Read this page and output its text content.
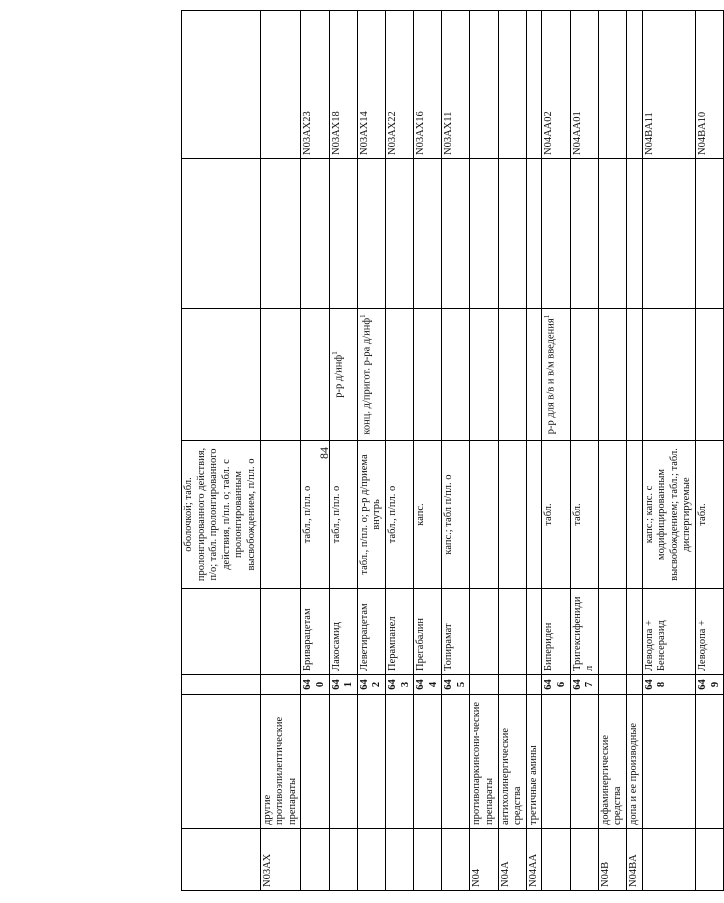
84
				оболочкой; табл. пролонгированного действия, п/о; табл. пролонгированного действия, п/пл. о; табл. с пролонгированным высвобождением, п/пл. о			
N03AX	другие противоэпилептические препараты						
		640	Бриварацетам	табл., п/пл. о			N03AX23
		641	Лакосамид	табл., п/пл. о	р-р д/инф$^1$		N03AX18
		642	Леветирацетам	табл., п/пл. о; р-р д/приема внутрь	конц. д/пригот. р-ра д/инф$^1$		N03AX14
		643	Перампанел	табл., п/пл. о			N03AX22
		644	Прегабалин	капс.			N03AX16
		645	Топирамат	капс.; табл п/пл. о			N03AX11
N04	противопаркинсони-ческие препараты						
N04A	антихолинергические средства						
N04AA	третичные амины						
		646	Бипериден	табл.	р-р для в/в и в/м введения$^1$		N04AA02
		647	Тригексифенидил	табл.			N04AA01
N04B	дофаминергические средства						
N04BA	допа и ее производные						
		648	Леводопа + Бенсеразид	капс.; капс. с модифицированным высвобождением; табл.; табл. диспергируемые			N04BA11
		649	Леводопа +	табл.			N04BA10
